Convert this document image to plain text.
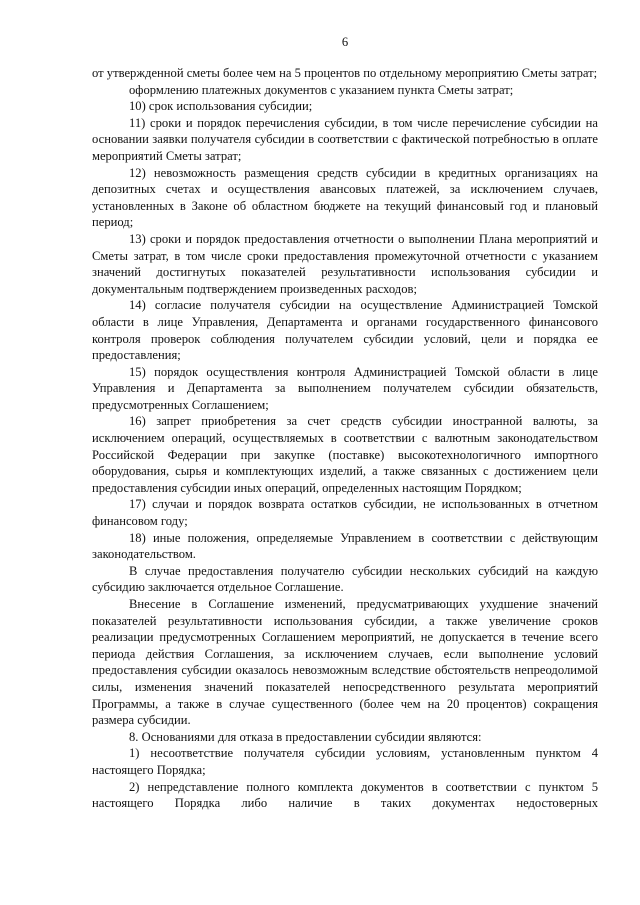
6

от утвержденной сметы более чем на 5 процентов по отдельному мероприятию Сметы затрат;

оформлению платежных документов с указанием пункта Сметы затрат;

10) срок использования субсидии;

11) сроки и порядок перечисления субсидии, в том числе перечисление субсидии на основании заявки получателя субсидии в соответствии с фактической потребностью в оплате мероприятий Сметы затрат;

12) невозможность размещения средств субсидии в кредитных организациях на депозитных счетах и осуществления авансовых платежей, за исключением случаев, установленных в Законе об областном бюджете на текущий финансовый год и плановый период;

13) сроки и порядок предоставления отчетности о выполнении Плана мероприятий и Сметы затрат, в том числе сроки предоставления промежуточной отчетности с указанием значений достигнутых показателей результативности использования субсидии и документальным подтверждением произведенных расходов;

14) согласие получателя субсидии на осуществление Администрацией Томской области в лице Управления, Департамента и органами государственного финансового контроля проверок соблюдения получателем субсидии условий, цели и порядка ее предоставления;

15) порядок осуществления контроля Администрацией Томской области в лице Управления и Департамента за выполнением получателем субсидии обязательств, предусмотренных Соглашением;

16) запрет приобретения за счет средств субсидии иностранной валюты, за исключением операций, осуществляемых в соответствии с валютным законодательством Российской Федерации при закупке (поставке) высокотехнологичного импортного оборудования, сырья и комплектующих изделий, а также связанных с достижением цели предоставления субсидии иных операций, определенных настоящим Порядком;

17) случаи и порядок возврата остатков субсидии, не использованных в отчетном финансовом году;

18) иные положения, определяемые Управлением в соответствии с действующим законодательством.

В случае предоставления получателю субсидии нескольких субсидий на каждую субсидию заключается отдельное Соглашение.

Внесение в Соглашение изменений, предусматривающих ухудшение значений показателей результативности использования субсидии, а также увеличение сроков реализации предусмотренных Соглашением мероприятий, не допускается в течение всего периода действия Соглашения, за исключением случаев, если выполнение условий предоставления субсидии оказалось невозможным вследствие обстоятельств непреодолимой силы, изменения значений показателей непосредственного результата мероприятий Программы, а также в случае существенного (более чем на 20 процентов) сокращения размера субсидии.

8. Основаниями для отказа в предоставлении субсидии являются:

1) несоответствие получателя субсидии условиям, установленным пунктом 4 настоящего Порядка;

2) непредставление полного комплекта документов в соответствии с пунктом 5 настоящего Порядка либо наличие в таких документах недостоверных
